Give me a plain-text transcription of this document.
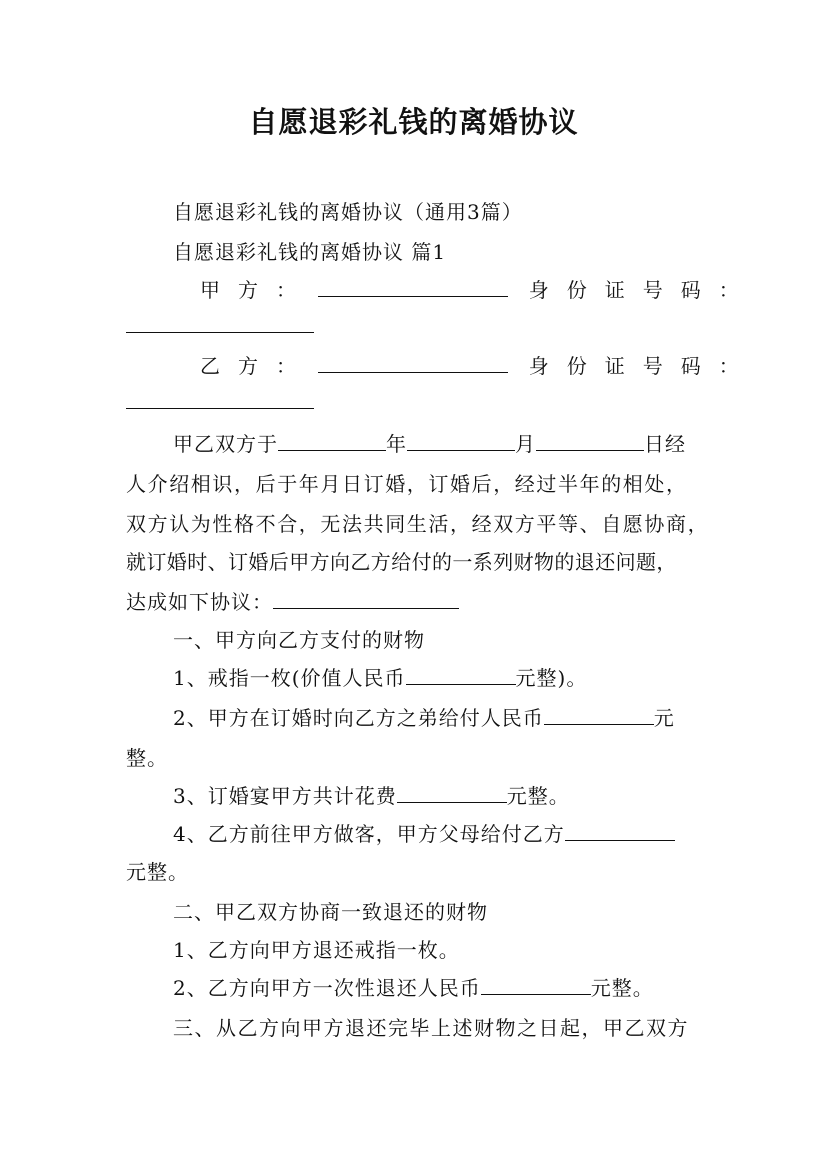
自愿退彩礼钱的离婚协议
自愿退彩礼钱的离婚协议（通用3篇）
自愿退彩礼钱的离婚协议 篇1
甲方：	身份证号码：
乙方：	身份证号码：
甲乙双方于	年	月	日经
人介绍相识，后于年月日订婚，订婚后，经过半年的相处，
双方认为性格不合，无法共同生活，经双方平等、自愿协商，
就订婚时、订婚后甲方向乙方给付的一系列财物的退还问题，
达成如下协议：
一、甲方向乙方支付的财物
1、戒指一枚(价值人民币	元整)。
2、甲方在订婚时向乙方之弟给付人民币	元
整。
3、订婚宴甲方共计花费	元整。
4、乙方前往甲方做客，甲方父母给付乙方
元整。
二、甲乙双方协商一致退还的财物
1、乙方向甲方退还戒指一枚。
2、乙方向甲方一次性退还人民币	元整。
三、从乙方向甲方退还完毕上述财物之日起，甲乙双方
